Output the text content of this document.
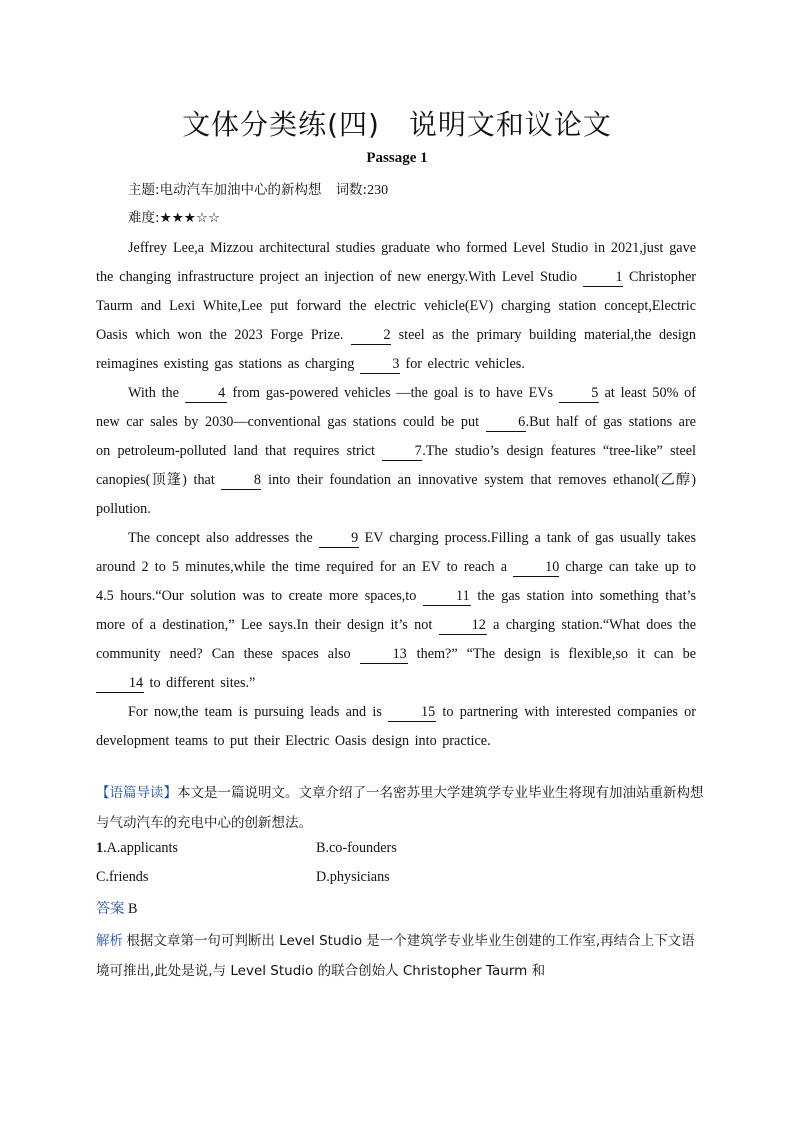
文体分类练(四)　说明文和议论文
Passage 1
主题:电动汽车加油中心的新构想 词数:230
难度:★★★☆☆

Jeffrey Lee,a Mizzou architectural studies graduate who formed Level Studio in 2021,just gave the changing infrastructure project an injection of new energy.With Level Studio 1 Christopher Taurm and Lexi White,Lee put forward the electric vehicle(EV) charging station concept,Electric Oasis which won the 2023 Forge Prize. 2 steel as the primary building material,the design reimagines existing gas stations as charging 3 for electric vehicles.

With the 4 from gas-powered vehicles —the goal is to have EVs 5 at least 50% of new car sales by 2030—conventional gas stations could be put 6.But half of gas stations are on petroleum-polluted land that requires strict 7.The studio’s design features “tree-like” steel canopies(顶篷) that 8 into their foundation an innovative system that removes ethanol(乙醇) pollution.

The concept also addresses the 9 EV charging process.Filling a tank of gas usually takes around 2 to 5 minutes,while the time required for an EV to reach a 10 charge can take up to 4.5 hours.“Our solution was to create more spaces,to 11 the gas station into something that’s more of a destination,” Lee says.In their design it’s not 12 a charging station.“What does the community need? Can these spaces also 13 them?” “The design is flexible,so it can be 14 to different sites.”

For now,the team is pursuing leads and is 15 to partnering with interested companies or development teams to put their Electric Oasis design into practice.

【语篇导读】本文是一篇说明文。文章介绍了一名密苏里大学建筑学专业毕业生将现有加油站重新构想与气动汽车的充电中心的创新想法。
1.A.applicants	B.co-founders
C.friends	D.physicians
答案 B
解析 根据文章第一句可判断出 Level Studio 是一个建筑学专业毕业生创建的工作室,再结合上下文语境可推出,此处是说,与 Level Studio 的联合创始人 Christopher Taurm 和
